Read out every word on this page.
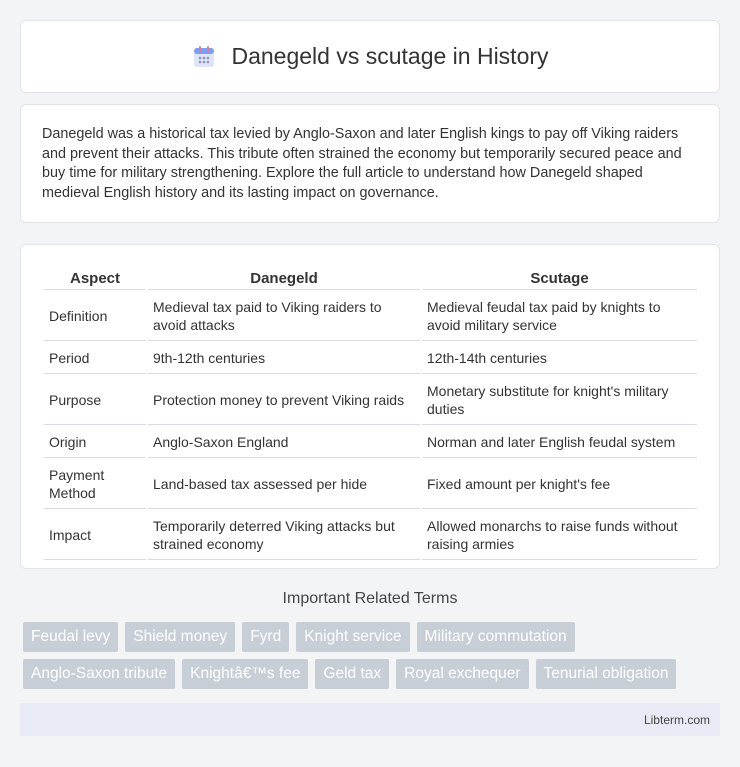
Danegeld vs scutage in History

Danegeld was a historical tax levied by Anglo-Saxon and later English kings to pay off Viking raiders and prevent their attacks. This tribute often strained the economy but temporarily secured peace and buy time for military strengthening. Explore the full article to understand how Danegeld shaped medieval English history and its lasting impact on governance.

Aspect	Danegeld	Scutage
Definition	Medieval tax paid to Viking raiders to avoid attacks	Medieval feudal tax paid by knights to avoid military service
Period	9th-12th centuries	12th-14th centuries
Purpose	Protection money to prevent Viking raids	Monetary substitute for knight's military duties
Origin	Anglo-Saxon England	Norman and later English feudal system
Payment Method	Land-based tax assessed per hide	Fixed amount per knight's fee
Impact	Temporarily deterred Viking attacks but strained economy	Allowed monarchs to raise funds without raising armies
Important Related Terms
Feudal levy	Shield money	Fyrd	Knight service	Military commutation
Anglo-Saxon tribute	Knightâ€™s fee	Geld tax	Royal exchequer	Tenurial obligation
Libterm.com
